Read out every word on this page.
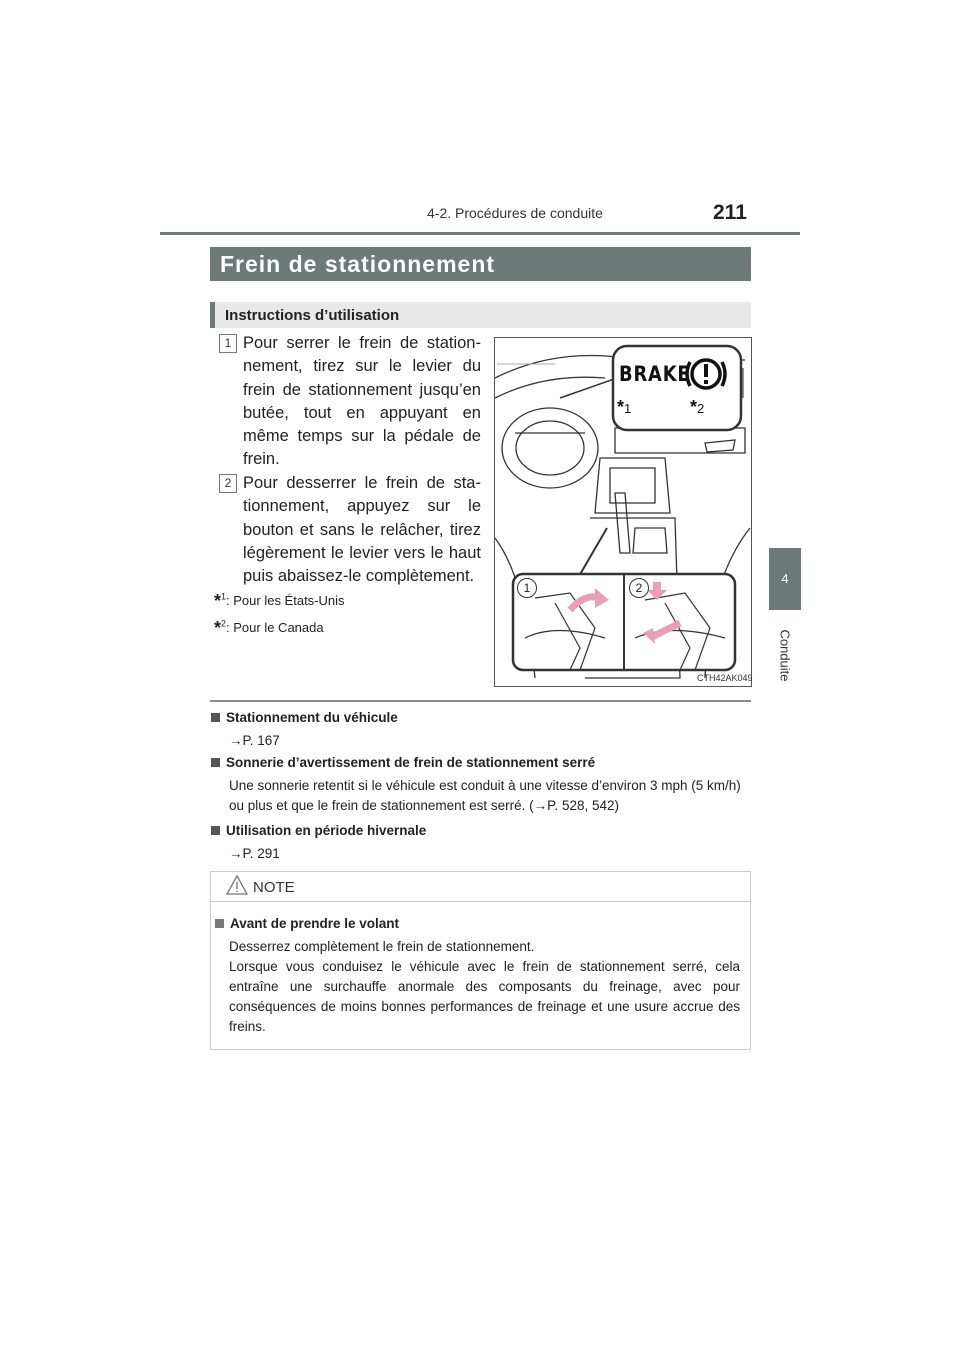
4-2. Procédures de conduite	211
4
Conduite
Frein de stationnement
Instructions d’utilisation
1 Pour serrer le frein de stationnement, tirez sur le levier du frein de stationnement jusqu’en butée, tout en appuyant en même temps sur la pédale de frein.
2 Pour desserrer le frein de stationnement, appuyez sur le bouton et sans le relâcher, tirez légèrement le levier vers le haut puis abaissez-le complètement.
*$^1$: Pour les États-Unis
*$^2$: Pour le Canada
BRAKE
*1	*2
1	2
CTH42AK049
Stationnement du véhicule
→P. 167
Sonnerie d’avertissement de frein de stationnement serré
Une sonnerie retentit si le véhicule est conduit à une vitesse d’environ 3 mph (5 km/h) ou plus et que le frein de stationnement est serré. (→P. 528, 542)
Utilisation en période hivernale
→P. 291
NOTE
Avant de prendre le volant
Desserrez complètement le frein de stationnement.
Lorsque vous conduisez le véhicule avec le frein de stationnement serré, cela entraîne une surchauffe anormale des composants du freinage, avec pour conséquences de moins bonnes performances de freinage et une usure accrue des freins.
